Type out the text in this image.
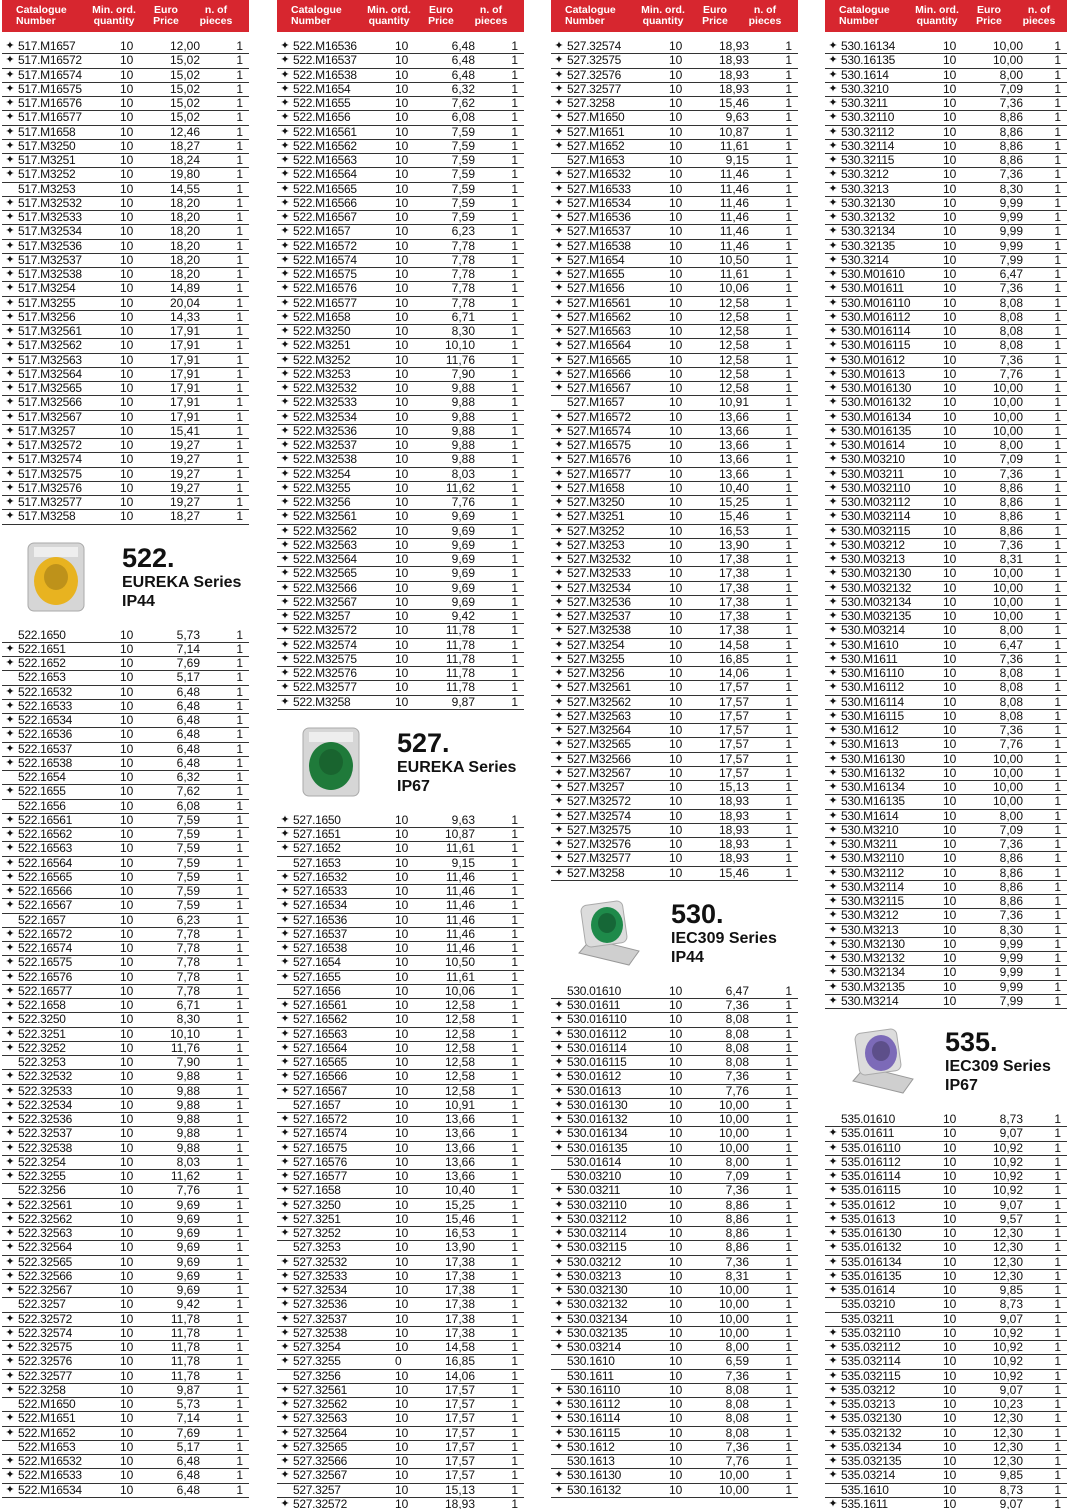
Catalogue Number
Min. ord. quantity
Euro Price
n. of pieces
✦ 517.M1657	10	12,00	1
✦ 517.M16572	10	15,02	1
✦ 517.M16574	10	15,02	1
✦ 517.M16575	10	15,02	1
✦ 517.M16576	10	15,02	1
✦ 517.M16577	10	15,02	1
✦ 517.M1658	10	12,46	1
✦ 517.M3250	10	18,27	1
✦ 517.M3251	10	18,24	1
✦ 517.M3252	10	19,80	1
517.M3253	10	14,55	1
✦ 517.M32532	10	18,20	1
✦ 517.M32533	10	18,20	1
✦ 517.M32534	10	18,20	1
✦ 517.M32536	10	18,20	1
✦ 517.M32537	10	18,20	1
✦ 517.M32538	10	18,20	1
✦ 517.M3254	10	14,89	1
✦ 517.M3255	10	20,04	1
✦ 517.M3256	10	14,33	1
✦ 517.M32561	10	17,91	1
✦ 517.M32562	10	17,91	1
✦ 517.M32563	10	17,91	1
✦ 517.M32564	10	17,91	1
✦ 517.M32565	10	17,91	1
✦ 517.M32566	10	17,91	1
✦ 517.M32567	10	17,91	1
✦ 517.M3257	10	15,41	1
✦ 517.M32572	10	19,27	1
✦ 517.M32574	10	19,27	1
✦ 517.M32575	10	19,27	1
✦ 517.M32576	10	19,27	1
✦ 517.M32577	10	19,27	1
✦ 517.M3258	10	18,27	1
522.
EUREKA Series
IP44
522.1650	10	5,73	1
✦ 522.1651	10	7,14	1
✦ 522.1652	10	7,69	1
522.1653	10	5,17	1
✦ 522.16532	10	6,48	1
✦ 522.16533	10	6,48	1
✦ 522.16534	10	6,48	1
✦ 522.16536	10	6,48	1
✦ 522.16537	10	6,48	1
✦ 522.16538	10	6,48	1
522.1654	10	6,32	1
✦ 522.1655	10	7,62	1
522.1656	10	6,08	1
✦ 522.16561	10	7,59	1
✦ 522.16562	10	7,59	1
✦ 522.16563	10	7,59	1
✦ 522.16564	10	7,59	1
✦ 522.16565	10	7,59	1
✦ 522.16566	10	7,59	1
✦ 522.16567	10	7,59	1
522.1657	10	6,23	1
✦ 522.16572	10	7,78	1
✦ 522.16574	10	7,78	1
✦ 522.16575	10	7,78	1
✦ 522.16576	10	7,78	1
✦ 522.16577	10	7,78	1
✦ 522.1658	10	6,71	1
✦ 522.3250	10	8,30	1
✦ 522.3251	10	10,10	1
✦ 522.3252	10	11,76	1
522.3253	10	7,90	1
✦ 522.32532	10	9,88	1
✦ 522.32533	10	9,88	1
✦ 522.32534	10	9,88	1
✦ 522.32536	10	9,88	1
✦ 522.32537	10	9,88	1
✦ 522.32538	10	9,88	1
✦ 522.3254	10	8,03	1
✦ 522.3255	10	11,62	1
522.3256	10	7,76	1
✦ 522.32561	10	9,69	1
✦ 522.32562	10	9,69	1
✦ 522.32563	10	9,69	1
✦ 522.32564	10	9,69	1
✦ 522.32565	10	9,69	1
✦ 522.32566	10	9,69	1
✦ 522.32567	10	9,69	1
522.3257	10	9,42	1
✦ 522.32572	10	11,78	1
✦ 522.32574	10	11,78	1
✦ 522.32575	10	11,78	1
✦ 522.32576	10	11,78	1
✦ 522.32577	10	11,78	1
✦ 522.3258	10	9,87	1
522.M1650	10	5,73	1
✦ 522.M1651	10	7,14	1
✦ 522.M1652	10	7,69	1
522.M1653	10	5,17	1
✦ 522.M16532	10	6,48	1
✦ 522.M16533	10	6,48	1
✦ 522.M16534	10	6,48	1
Catalogue Number
Min. ord. quantity
Euro Price
n. of pieces
✦ 522.M16536	10	6,48	1
✦ 522.M16537	10	6,48	1
✦ 522.M16538	10	6,48	1
✦ 522.M1654	10	6,32	1
✦ 522.M1655	10	7,62	1
✦ 522.M1656	10	6,08	1
✦ 522.M16561	10	7,59	1
✦ 522.M16562	10	7,59	1
✦ 522.M16563	10	7,59	1
✦ 522.M16564	10	7,59	1
✦ 522.M16565	10	7,59	1
✦ 522.M16566	10	7,59	1
✦ 522.M16567	10	7,59	1
✦ 522.M1657	10	6,23	1
✦ 522.M16572	10	7,78	1
✦ 522.M16574	10	7,78	1
✦ 522.M16575	10	7,78	1
✦ 522.M16576	10	7,78	1
✦ 522.M16577	10	7,78	1
✦ 522.M1658	10	6,71	1
✦ 522.M3250	10	8,30	1
✦ 522.M3251	10	10,10	1
✦ 522.M3252	10	11,76	1
✦ 522.M3253	10	7,90	1
✦ 522.M32532	10	9,88	1
✦ 522.M32533	10	9,88	1
✦ 522.M32534	10	9,88	1
✦ 522.M32536	10	9,88	1
✦ 522.M32537	10	9,88	1
✦ 522.M32538	10	9,88	1
✦ 522.M3254	10	8,03	1
✦ 522.M3255	10	11,62	1
✦ 522.M3256	10	7,76	1
✦ 522.M32561	10	9,69	1
✦ 522.M32562	10	9,69	1
✦ 522.M32563	10	9,69	1
✦ 522.M32564	10	9,69	1
✦ 522.M32565	10	9,69	1
✦ 522.M32566	10	9,69	1
✦ 522.M32567	10	9,69	1
✦ 522.M3257	10	9,42	1
✦ 522.M32572	10	11,78	1
✦ 522.M32574	10	11,78	1
✦ 522.M32575	10	11,78	1
✦ 522.M32576	10	11,78	1
✦ 522.M32577	10	11,78	1
✦ 522.M3258	10	9,87	1
527.
EUREKA Series
IP67
✦ 527.1650	10	9,63	1
✦ 527.1651	10	10,87	1
✦ 527.1652	10	11,61	1
527.1653	10	9,15	1
✦ 527.16532	10	11,46	1
✦ 527.16533	10	11,46	1
✦ 527.16534	10	11,46	1
✦ 527.16536	10	11,46	1
✦ 527.16537	10	11,46	1
✦ 527.16538	10	11,46	1
✦ 527.1654	10	10,50	1
✦ 527.1655	10	11,61	1
527.1656	10	10,06	1
✦ 527.16561	10	12,58	1
✦ 527.16562	10	12,58	1
✦ 527.16563	10	12,58	1
✦ 527.16564	10	12,58	1
✦ 527.16565	10	12,58	1
✦ 527.16566	10	12,58	1
✦ 527.16567	10	12,58	1
527.1657	10	10,91	1
✦ 527.16572	10	13,66	1
✦ 527.16574	10	13,66	1
✦ 527.16575	10	13,66	1
✦ 527.16576	10	13,66	1
✦ 527.16577	10	13,66	1
✦ 527.1658	10	10,40	1
✦ 527.3250	10	15,25	1
✦ 527.3251	10	15,46	1
✦ 527.3252	10	16,53	1
527.3253	10	13,90	1
✦ 527.32532	10	17,38	1
✦ 527.32533	10	17,38	1
✦ 527.32534	10	17,38	1
✦ 527.32536	10	17,38	1
✦ 527.32537	10	17,38	1
✦ 527.32538	10	17,38	1
✦ 527.3254	10	14,58	1
✦ 527.3255	0	16,85	1
527.3256	10	14,06	1
✦ 527.32561	10	17,57	1
✦ 527.32562	10	17,57	1
✦ 527.32563	10	17,57	1
✦ 527.32564	10	17,57	1
✦ 527.32565	10	17,57	1
✦ 527.32566	10	17,57	1
✦ 527.32567	10	17,57	1
527.3257	10	15,13	1
✦ 527.32572	10	18,93	1
Catalogue Number
Min. ord. quantity
Euro Price
n. of pieces
✦ 527.32574	10	18,93	1
✦ 527.32575	10	18,93	1
✦ 527.32576	10	18,93	1
✦ 527.32577	10	18,93	1
✦ 527.3258	10	15,46	1
✦ 527.M1650	10	9,63	1
✦ 527.M1651	10	10,87	1
✦ 527.M1652	10	11,61	1
527.M1653	10	9,15	1
✦ 527.M16532	10	11,46	1
✦ 527.M16533	10	11,46	1
✦ 527.M16534	10	11,46	1
✦ 527.M16536	10	11,46	1
✦ 527.M16537	10	11,46	1
✦ 527.M16538	10	11,46	1
✦ 527.M1654	10	10,50	1
✦ 527.M1655	10	11,61	1
✦ 527.M1656	10	10,06	1
✦ 527.M16561	10	12,58	1
✦ 527.M16562	10	12,58	1
✦ 527.M16563	10	12,58	1
✦ 527.M16564	10	12,58	1
✦ 527.M16565	10	12,58	1
✦ 527.M16566	10	12,58	1
✦ 527.M16567	10	12,58	1
527.M1657	10	10,91	1
✦ 527.M16572	10	13,66	1
✦ 527.M16574	10	13,66	1
✦ 527.M16575	10	13,66	1
✦ 527.M16576	10	13,66	1
✦ 527.M16577	10	13,66	1
✦ 527.M1658	10	10,40	1
✦ 527.M3250	10	15,25	1
✦ 527.M3251	10	15,46	1
✦ 527.M3252	10	16,53	1
✦ 527.M3253	10	13,90	1
✦ 527.M32532	10	17,38	1
✦ 527.M32533	10	17,38	1
✦ 527.M32534	10	17,38	1
✦ 527.M32536	10	17,38	1
✦ 527.M32537	10	17,38	1
✦ 527.M32538	10	17,38	1
✦ 527.M3254	10	14,58	1
✦ 527.M3255	10	16,85	1
✦ 527.M3256	10	14,06	1
✦ 527.M32561	10	17,57	1
✦ 527.M32562	10	17,57	1
✦ 527.M32563	10	17,57	1
✦ 527.M32564	10	17,57	1
✦ 527.M32565	10	17,57	1
✦ 527.M32566	10	17,57	1
✦ 527.M32567	10	17,57	1
✦ 527.M3257	10	15,13	1
✦ 527.M32572	10	18,93	1
✦ 527.M32574	10	18,93	1
✦ 527.M32575	10	18,93	1
✦ 527.M32576	10	18,93	1
✦ 527.M32577	10	18,93	1
✦ 527.M3258	10	15,46	1
530.
IEC309 Series
IP44
530.01610	10	6,47	1
✦ 530.01611	10	7,36	1
✦ 530.016110	10	8,08	1
✦ 530.016112	10	8,08	1
✦ 530.016114	10	8,08	1
✦ 530.016115	10	8,08	1
✦ 530.01612	10	7,36	1
✦ 530.01613	10	7,76	1
✦ 530.016130	10	10,00	1
✦ 530.016132	10	10,00	1
✦ 530.016134	10	10,00	1
✦ 530.016135	10	10,00	1
530.01614	10	8,00	1
530.03210	10	7,09	1
✦ 530.03211	10	7,36	1
✦ 530.032110	10	8,86	1
✦ 530.032112	10	8,86	1
✦ 530.032114	10	8,86	1
✦ 530.032115	10	8,86	1
✦ 530.03212	10	7,36	1
✦ 530.03213	10	8,31	1
✦ 530.032130	10	10,00	1
✦ 530.032132	10	10,00	1
✦ 530.032134	10	10,00	1
✦ 530.032135	10	10,00	1
✦ 530.03214	10	8,00	1
530.1610	10	6,59	1
530.1611	10	7,36	1
✦ 530.16110	10	8,08	1
✦ 530.16112	10	8,08	1
✦ 530.16114	10	8,08	1
✦ 530.16115	10	8,08	1
✦ 530.1612	10	7,36	1
530.1613	10	7,76	1
✦ 530.16130	10	10,00	1
✦ 530.16132	10	10,00	1
Catalogue Number
Min. ord. quantity
Euro Price
n. of pieces
✦ 530.16134	10	10,00	1
✦ 530.16135	10	10,00	1
✦ 530.1614	10	8,00	1
✦ 530.3210	10	7,09	1
✦ 530.3211	10	7,36	1
✦ 530.32110	10	8,86	1
✦ 530.32112	10	8,86	1
✦ 530.32114	10	8,86	1
✦ 530.32115	10	8,86	1
✦ 530.3212	10	7,36	1
✦ 530.3213	10	8,30	1
✦ 530.32130	10	9,99	1
✦ 530.32132	10	9,99	1
✦ 530.32134	10	9,99	1
✦ 530.32135	10	9,99	1
✦ 530.3214	10	7,99	1
✦ 530.M01610	10	6,47	1
✦ 530.M01611	10	7,36	1
✦ 530.M016110	10	8,08	1
✦ 530.M016112	10	8,08	1
✦ 530.M016114	10	8,08	1
✦ 530.M016115	10	8,08	1
✦ 530.M01612	10	7,36	1
✦ 530.M01613	10	7,76	1
✦ 530.M016130	10	10,00	1
✦ 530.M016132	10	10,00	1
✦ 530.M016134	10	10,00	1
✦ 530.M016135	10	10,00	1
✦ 530.M01614	10	8,00	1
✦ 530.M03210	10	7,09	1
✦ 530.M03211	10	7,36	1
✦ 530.M032110	10	8,86	1
✦ 530.M032112	10	8,86	1
✦ 530.M032114	10	8,86	1
✦ 530.M032115	10	8,86	1
✦ 530.M03212	10	7,36	1
✦ 530.M03213	10	8,31	1
✦ 530.M032130	10	10,00	1
✦ 530.M032132	10	10,00	1
✦ 530.M032134	10	10,00	1
✦ 530.M032135	10	10,00	1
✦ 530.M03214	10	8,00	1
✦ 530.M1610	10	6,47	1
✦ 530.M1611	10	7,36	1
✦ 530.M16110	10	8,08	1
✦ 530.M16112	10	8,08	1
✦ 530.M16114	10	8,08	1
✦ 530.M16115	10	8,08	1
✦ 530.M1612	10	7,36	1
✦ 530.M1613	10	7,76	1
✦ 530.M16130	10	10,00	1
✦ 530.M16132	10	10,00	1
✦ 530.M16134	10	10,00	1
✦ 530.M16135	10	10,00	1
✦ 530.M1614	10	8,00	1
✦ 530.M3210	10	7,09	1
✦ 530.M3211	10	7,36	1
✦ 530.M32110	10	8,86	1
✦ 530.M32112	10	8,86	1
✦ 530.M32114	10	8,86	1
✦ 530.M32115	10	8,86	1
✦ 530.M3212	10	7,36	1
✦ 530.M3213	10	8,30	1
✦ 530.M32130	10	9,99	1
✦ 530.M32132	10	9,99	1
✦ 530.M32134	10	9,99	1
✦ 530.M32135	10	9,99	1
✦ 530.M3214	10	7,99	1
535.
IEC309 Series
IP67
535.01610	10	8,73	1
✦ 535.01611	10	9,07	1
✦ 535.016110	10	10,92	1
✦ 535.016112	10	10,92	1
✦ 535.016114	10	10,92	1
✦ 535.016115	10	10,92	1
✦ 535.01612	10	9,07	1
✦ 535.01613	10	9,57	1
✦ 535.016130	10	12,30	1
✦ 535.016132	10	12,30	1
✦ 535.016134	10	12,30	1
✦ 535.016135	10	12,30	1
✦ 535.01614	10	9,85	1
535.03210	10	8,73	1
535.03211	10	9,07	1
✦ 535.032110	10	10,92	1
✦ 535.032112	10	10,92	1
✦ 535.032114	10	10,92	1
✦ 535.032115	10	10,92	1
✦ 535.03212	10	9,07	1
✦ 535.03213	10	10,23	1
✦ 535.032130	10	12,30	1
✦ 535.032132	10	12,30	1
✦ 535.032134	10	12,30	1
✦ 535.032135	10	12,30	1
✦ 535.03214	10	9,85	1
535.1610	10	8,73	1
✦ 535.1611	10	9,07	1
